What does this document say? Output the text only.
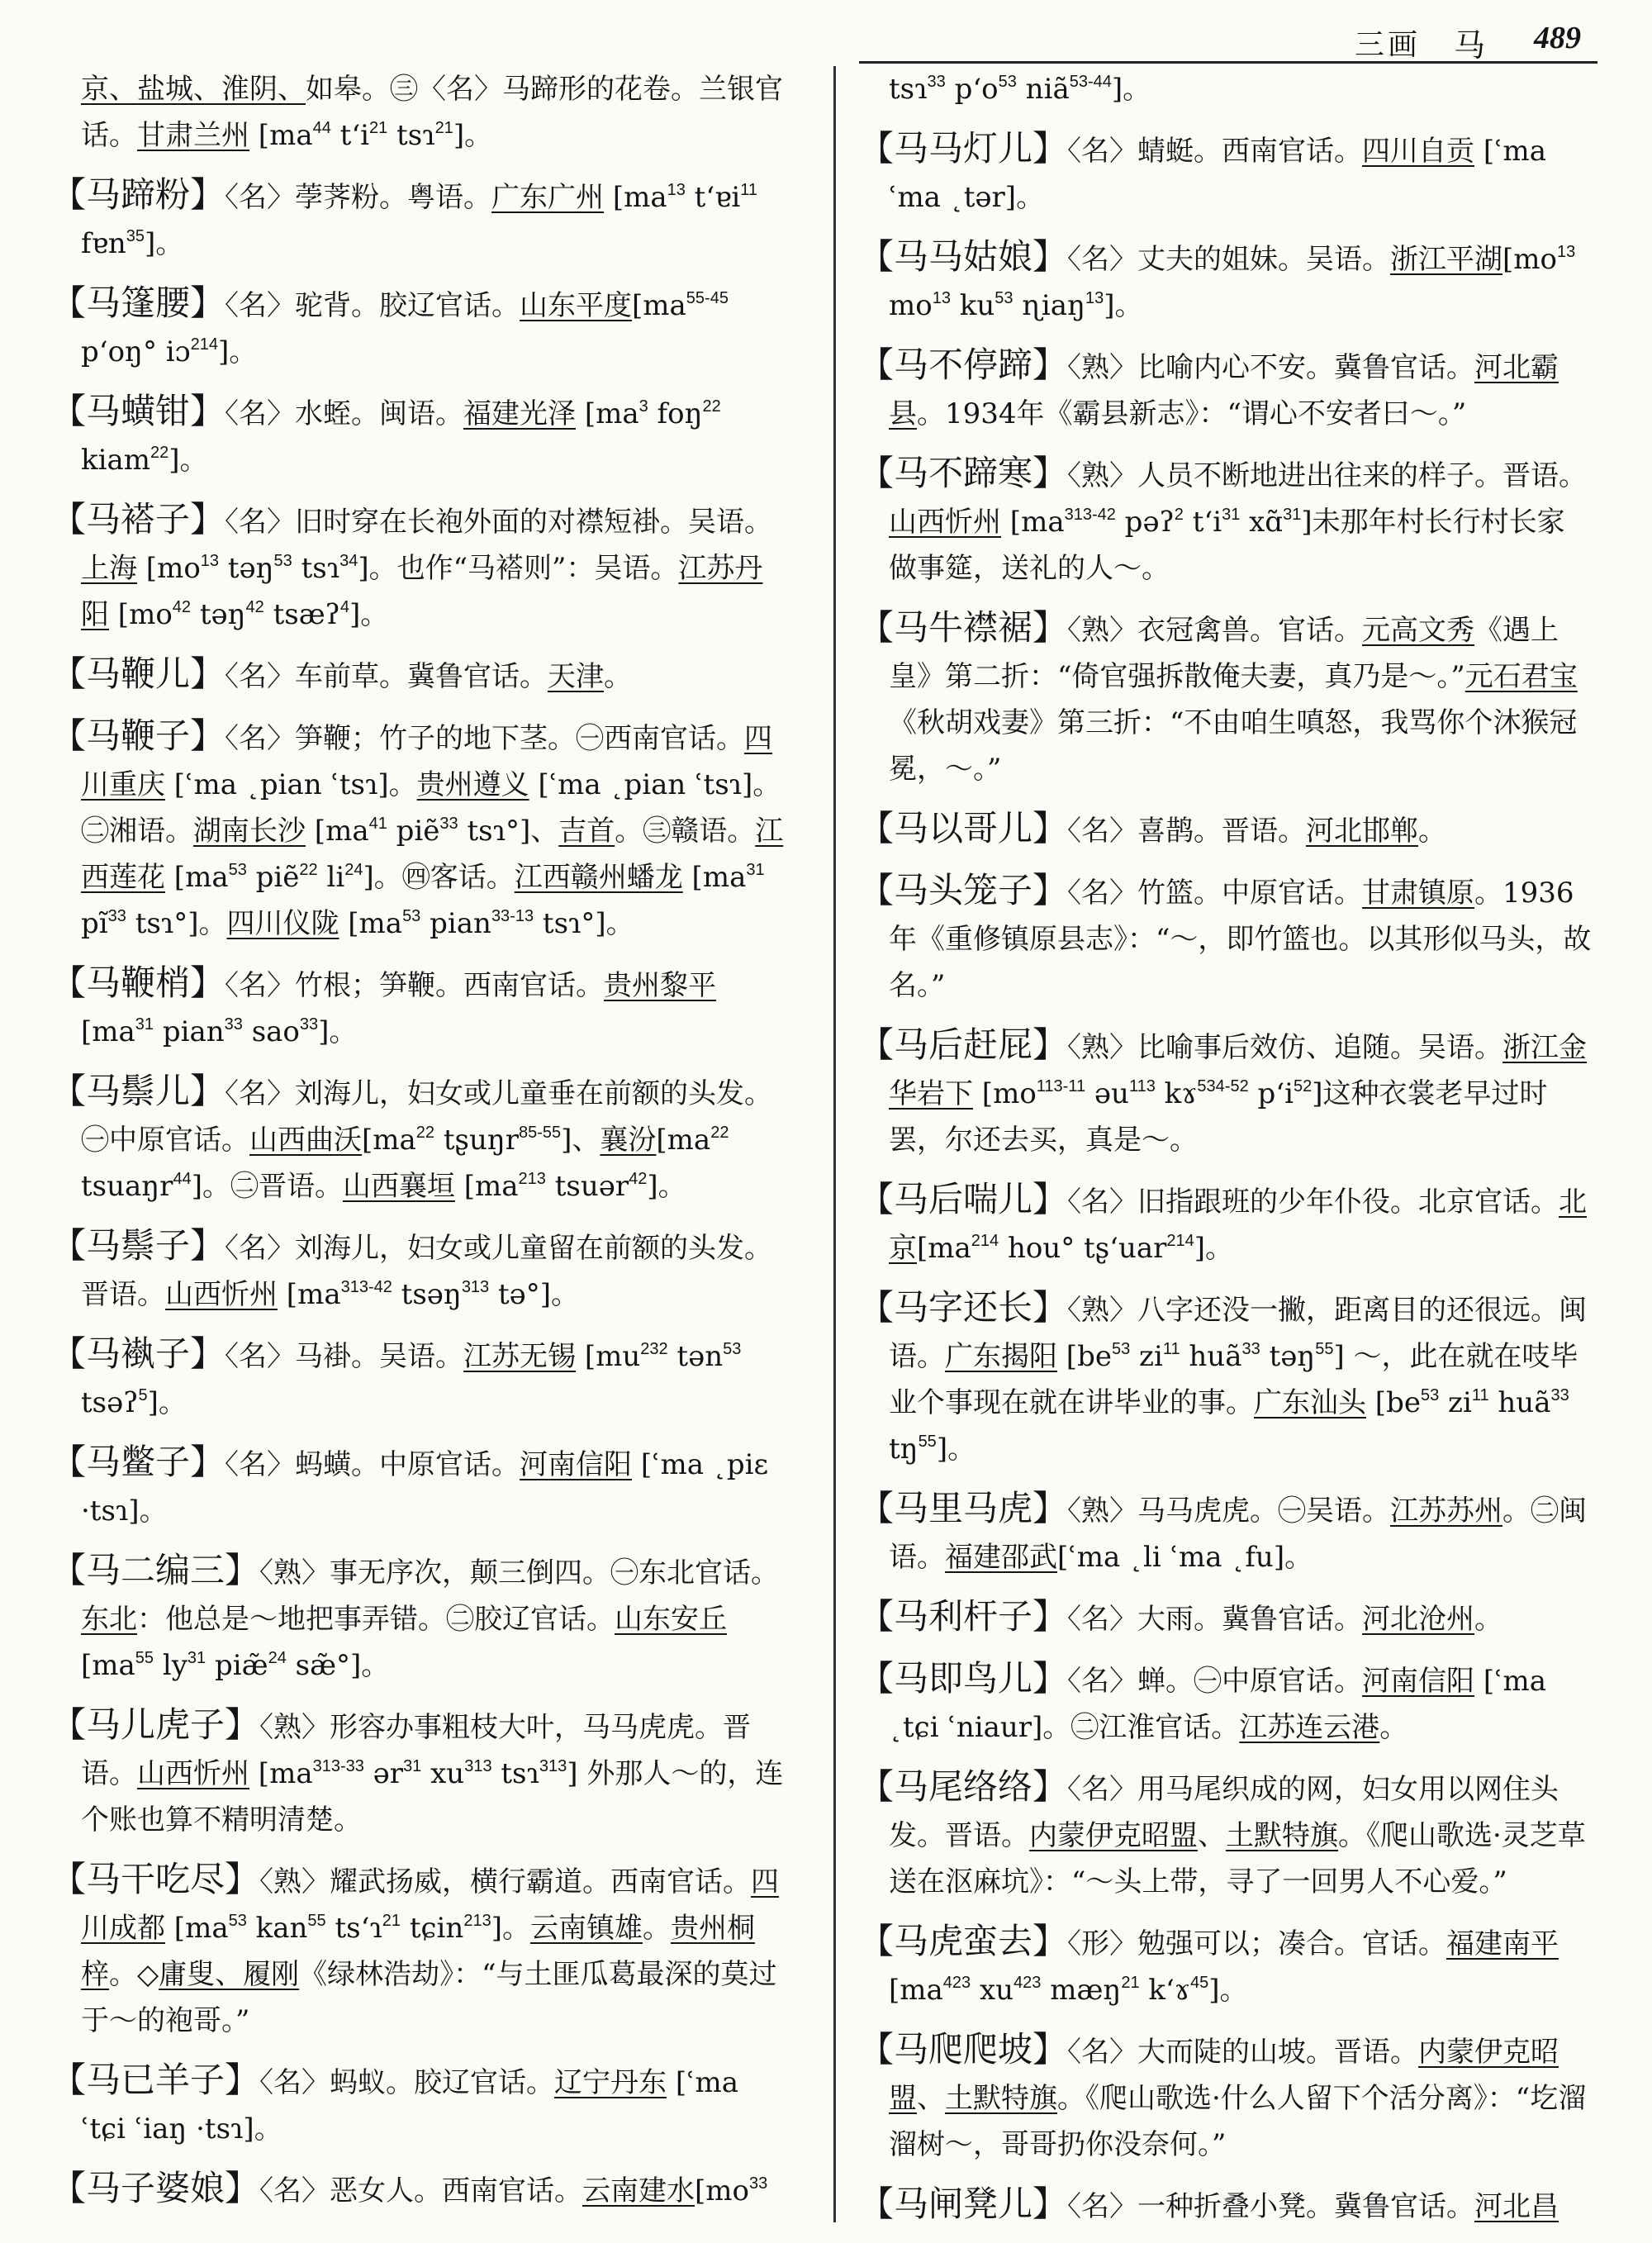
三画 马 489
京、盐城、淮阴、如皋。㊂〈名〉马蹄形的花卷。兰银官话。甘肃兰州 [$ma^{44}$ $t‘i^{21}$ tsɿ$^{21}$]。
【马蹄粉】〈名〉荸荠粉。粤语。广东广州 [$ma^{13}$ t‘ɐi$^{11}$ fɐn$^{35}$]。
【马篷腰】〈名〉驼背。胶辽官话。山东平度[$ma^{55-45}$ p‘oŋ° iɔ$^{214}$]。
【马蟥钳】〈名〉水蛭。闽语。福建光泽 [$ma^3$ foŋ$^{22}$ kiam$^{22}$]。
【马褡子】〈名〉旧时穿在长袍外面的对襟短褂。吴语。上海 [$mo^{13}$ təŋ$^{53}$ tsɿ$^{34}$]。也作“马褡则”：吴语。江苏丹阳 [$mo^{42}$ təŋ$^{42}$ tsæʔ$^4$]。
【马鞭儿】〈名〉车前草。冀鲁官话。天津。
【马鞭子】〈名〉笋鞭；竹子的地下茎。㊀西南官话。四川重庆 [ʿma ˛pian ʿtsɿ]。贵州遵义 [ʿma ˛pian ʿtsɿ]。㊁湘语。湖南长沙 [$ma^{41}$ piẽ$^{33}$ tsɿ°]、吉首。㊂赣语。江西莲花 [$ma^{53}$ piẽ$^{22}$ $li^{24}$]。㊃客话。江西赣州蟠龙 [$ma^{31}$ $pĩ^{33}$ tsɿ°]。四川仪陇 [$ma^{53}$ pian$^{33-13}$ tsɿ°]。
【马鞭梢】〈名〉竹根；笋鞭。西南官话。贵州黎平[$ma^{31}$ pian$^{33}$ sao$^{33}$]。
【马鬃儿】〈名〉刘海儿，妇女或儿童垂在前额的头发。㊀中原官话。山西曲沃[$ma^{22}$ tʂuŋr$^{85-55}$]、襄汾[$ma^{22}$ tsuaŋr$^{44}$]。㊁晋语。山西襄垣 [$ma^{213}$ tsuər$^{42}$]。
【马鬃子】〈名〉刘海儿，妇女或儿童留在前额的头发。晋语。山西忻州 [$ma^{313-42}$ tsəŋ$^{313}$ tə°]。
【马褹子】〈名〉马褂。吴语。江苏无锡 [$mu^{232}$ tən$^{53}$ tsəʔ$^5$]。
【马鳖子】〈名〉蚂蟥。中原官话。河南信阳 [ʿma ˛piɛ ·tsɿ]。
【马二编三】〈熟〉事无序次，颠三倒四。㊀东北官话。东北：他总是～地把事弄错。㊁胶辽官话。山东安丘 [$ma^{55}$ $ly^{31}$ piæ̃$^{24}$ sæ̃°]。
【马儿虎子】〈熟〉形容办事粗枝大叶，马马虎虎。晋语。山西忻州 [$ma^{313-33}$ ər$^{31}$ $xu^{313}$ tsɿ$^{313}$] 外那人～的，连个账也算不精明清楚。
【马干吃尽】〈熟〉耀武扬威，横行霸道。西南官话。四川成都 [$ma^{53}$ kan$^{55}$ ts‘ɿ$^{21}$ tɕin$^{213}$]。云南镇雄。贵州桐梓。◇庸叟、履刚《绿林浩劫》：“与土匪瓜葛最深的莫过于～的袍哥。”
【马已羊子】〈名〉蚂蚁。胶辽官话。辽宁丹东 [ʿma ʿtɕi ʿiaŋ ·tsɿ]。
【马子婆娘】〈名〉恶女人。西南官话。云南建水[$mo^{33}$
tsɿ$^{33}$ $p‘o^{53}$ niã$^{53-44}$]。
【马马灯儿】〈名〉蜻蜓。西南官话。四川自贡 [ʿma ʿma ˛tər]。
【马马姑娘】〈名〉丈夫的姐妹。吴语。浙江平湖[$mo^{13}$ $mo^{13}$ $ku^{53}$ ɳiaŋ$^{13}$]。
【马不停蹄】〈熟〉比喻内心不安。冀鲁官话。河北霸县。1934年《霸县新志》：“谓心不安者曰～。”
【马不蹄寒】〈熟〉人员不断地进出往来的样子。晋语。山西忻州 [$ma^{313-42}$ pəʔ$^2$ $t‘i^{31}$ xɑ̃$^{31}$]未那年村长行村长家做事筵，送礼的人～。
【马牛襟裾】〈熟〉衣冠禽兽。官话。元高文秀《遇上皇》第二折：“倚官强拆散俺夫妻，真乃是～。”元石君宝《秋胡戏妻》第三折：“不由咱生嗔怒，我骂你个沐猴冠冕，～。”
【马以哥儿】〈名〉喜鹊。晋语。河北邯郸。
【马头笼子】〈名〉竹篮。中原官话。甘肃镇原。1936年《重修镇原县志》：“～，即竹篮也。以其形似马头，故名。”
【马后赶屁】〈熟〉比喻事后效仿、追随。吴语。浙江金华岩下 [$mo^{113-11}$ əu$^{113}$ kɤ$^{534-52}$ $p‘i^{52}$]这种衣裳老早过时罢，尔还去买，真是～。
【马后喘儿】〈名〉旧指跟班的少年仆役。北京官话。北京[$ma^{214}$ hou° tʂ‘uar$^{214}$]。
【马字还长】〈熟〉八字还没一撇，距离目的还很远。闽语。广东揭阳 [$be^{53}$ $zi^{11}$ huã$^{33}$ təŋ$^{55}$] ～，此在就在吱毕业个事现在就在讲毕业的事。广东汕头 [$be^{53}$ $zi^{11}$ huã$^{33}$ $tŋ^{55}$]。
【马里马虎】〈熟〉马马虎虎。㊀吴语。江苏苏州。㊁闽语。福建邵武[ʿma ˛li ʿma ˛fu]。
【马利杆子】〈名〉大雨。冀鲁官话。河北沧州。
【马即鸟儿】〈名〉蝉。㊀中原官话。河南信阳 [ʿma ˛tɕi ʿniaur]。㊁江淮官话。江苏连云港。
【马尾络络】〈名〉用马尾织成的网，妇女用以网住头发。晋语。内蒙伊克昭盟、土默特旗。《爬山歌选·灵芝草送在沤麻坑》：“～头上带，寻了一回男人不心爱。”
【马虎蛮去】〈形〉勉强可以；凑合。官话。福建南平 [$ma^{423}$ $xu^{423}$ mæŋ$^{21}$ k‘ɤ$^{45}$]。
【马爬爬坡】〈名〉大而陡的山坡。晋语。内蒙伊克昭盟、土默特旗。《爬山歌选·什么人留下个活分离》：“圪溜溜树～，哥哥扔你没奈何。”
【马闸凳儿】〈名〉一种折叠小凳。冀鲁官话。河北昌
